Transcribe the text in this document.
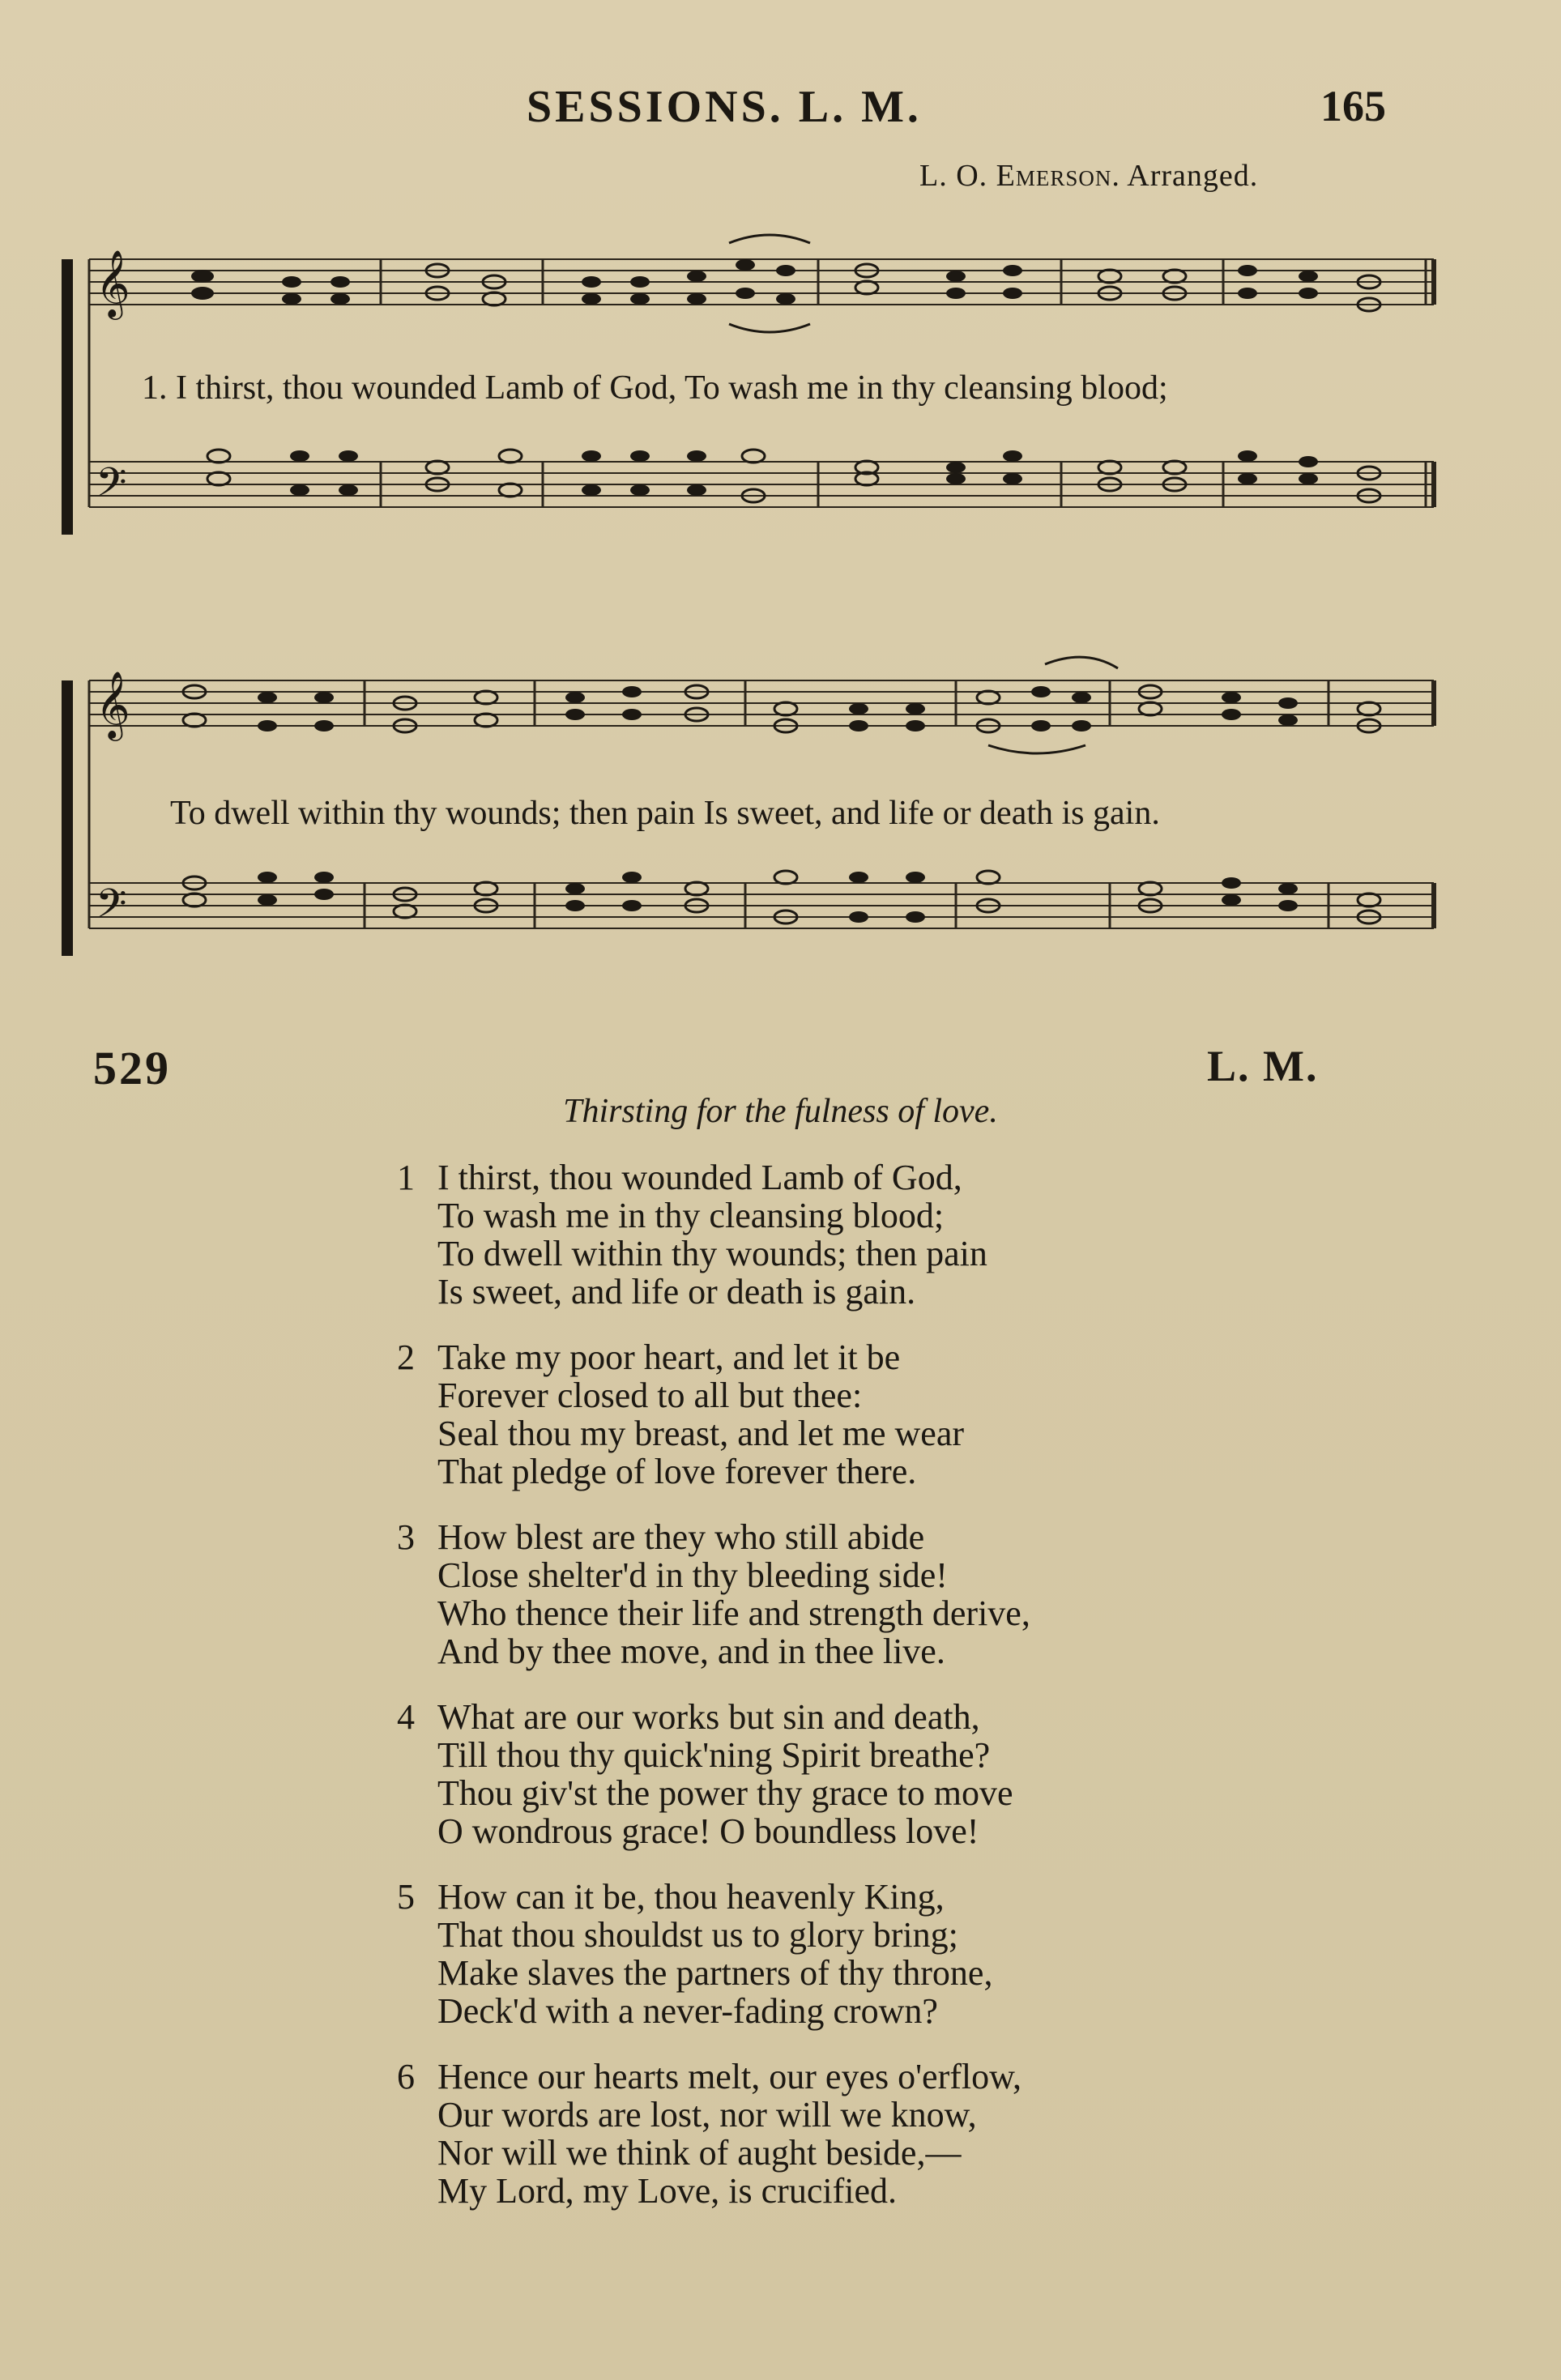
SESSIONS. L. M.	165
L. O. Emerson. Arranged.
𝄞
𝄢
1. I thirst, thou wounded Lamb of God, To wash me in thy cleansing blood;
𝄞
𝄢
To dwell within thy wounds; then pain Is sweet, and life or death is gain.
529	L. M.
Thirsting for the fulness of love.
1 I thirst, thou wounded Lamb of God,
To wash me in thy cleansing blood;
To dwell within thy wounds; then pain
Is sweet, and life or death is gain.
2 Take my poor heart, and let it be
Forever closed to all but thee:
Seal thou my breast, and let me wear
That pledge of love forever there.
3 How blest are they who still abide
Close shelter'd in thy bleeding side!
Who thence their life and strength derive,
And by thee move, and in thee live.
4 What are our works but sin and death,
Till thou thy quick'ning Spirit breathe?
Thou giv'st the power thy grace to move
O wondrous grace! O boundless love!
5 How can it be, thou heavenly King,
That thou shouldst us to glory bring;
Make slaves the partners of thy throne,
Deck'd with a never-fading crown?
6 Hence our hearts melt, our eyes o'erflow,
Our words are lost, nor will we know,
Nor will we think of aught beside,—
My Lord, my Love, is crucified.
